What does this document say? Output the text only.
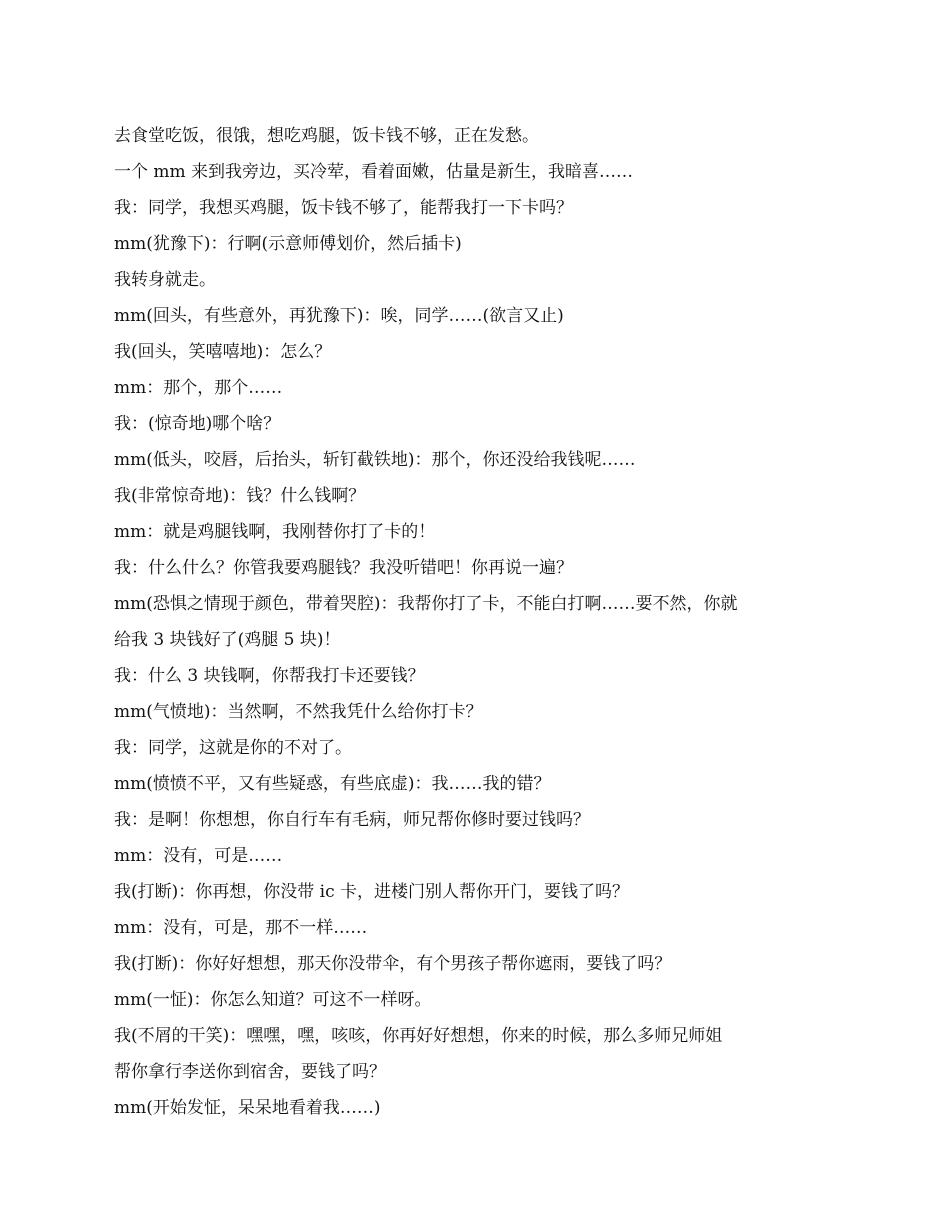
去食堂吃饭，很饿，想吃鸡腿，饭卡钱不够，正在发愁。
一个 mm 来到我旁边，买冷荤，看着面嫩，估量是新生，我暗喜……
我：同学，我想买鸡腿，饭卡钱不够了，能帮我打一下卡吗？
mm(犹豫下)：行啊(示意师傅划价，然后插卡)
我转身就走。
mm(回头，有些意外，再犹豫下)：唉，同学……(欲言又止)
我(回头，笑嘻嘻地)：怎么？
mm：那个，那个……
我：(惊奇地)哪个啥？
mm(低头，咬唇，后抬头，斩钉截铁地)：那个，你还没给我钱呢……
我(非常惊奇地)：钱？什么钱啊？
mm：就是鸡腿钱啊，我刚替你打了卡的！
我：什么什么？你管我要鸡腿钱？我没听错吧！你再说一遍？
mm(恐惧之情现于颜色，带着哭腔)：我帮你打了卡，不能白打啊……要不然，你就
给我 3 块钱好了(鸡腿 5 块)！
我：什么 3 块钱啊，你帮我打卡还要钱？
mm(气愤地)：当然啊，不然我凭什么给你打卡？
我：同学，这就是你的不对了。
mm(愤愤不平，又有些疑惑，有些底虚)：我……我的错？
我：是啊！你想想，你自行车有毛病，师兄帮你修时要过钱吗？
mm：没有，可是……
我(打断)：你再想，你没带 ic 卡，进楼门别人帮你开门，要钱了吗？
mm：没有，可是，那不一样……
我(打断)：你好好想想，那天你没带伞，有个男孩子帮你遮雨，要钱了吗？
mm(一怔)：你怎么知道？可这不一样呀。
我(不屑的干笑)：嘿嘿，嘿，咳咳，你再好好想想，你来的时候，那么多师兄师姐
帮你拿行李送你到宿舍，要钱了吗？
mm(开始发怔，呆呆地看着我……)
